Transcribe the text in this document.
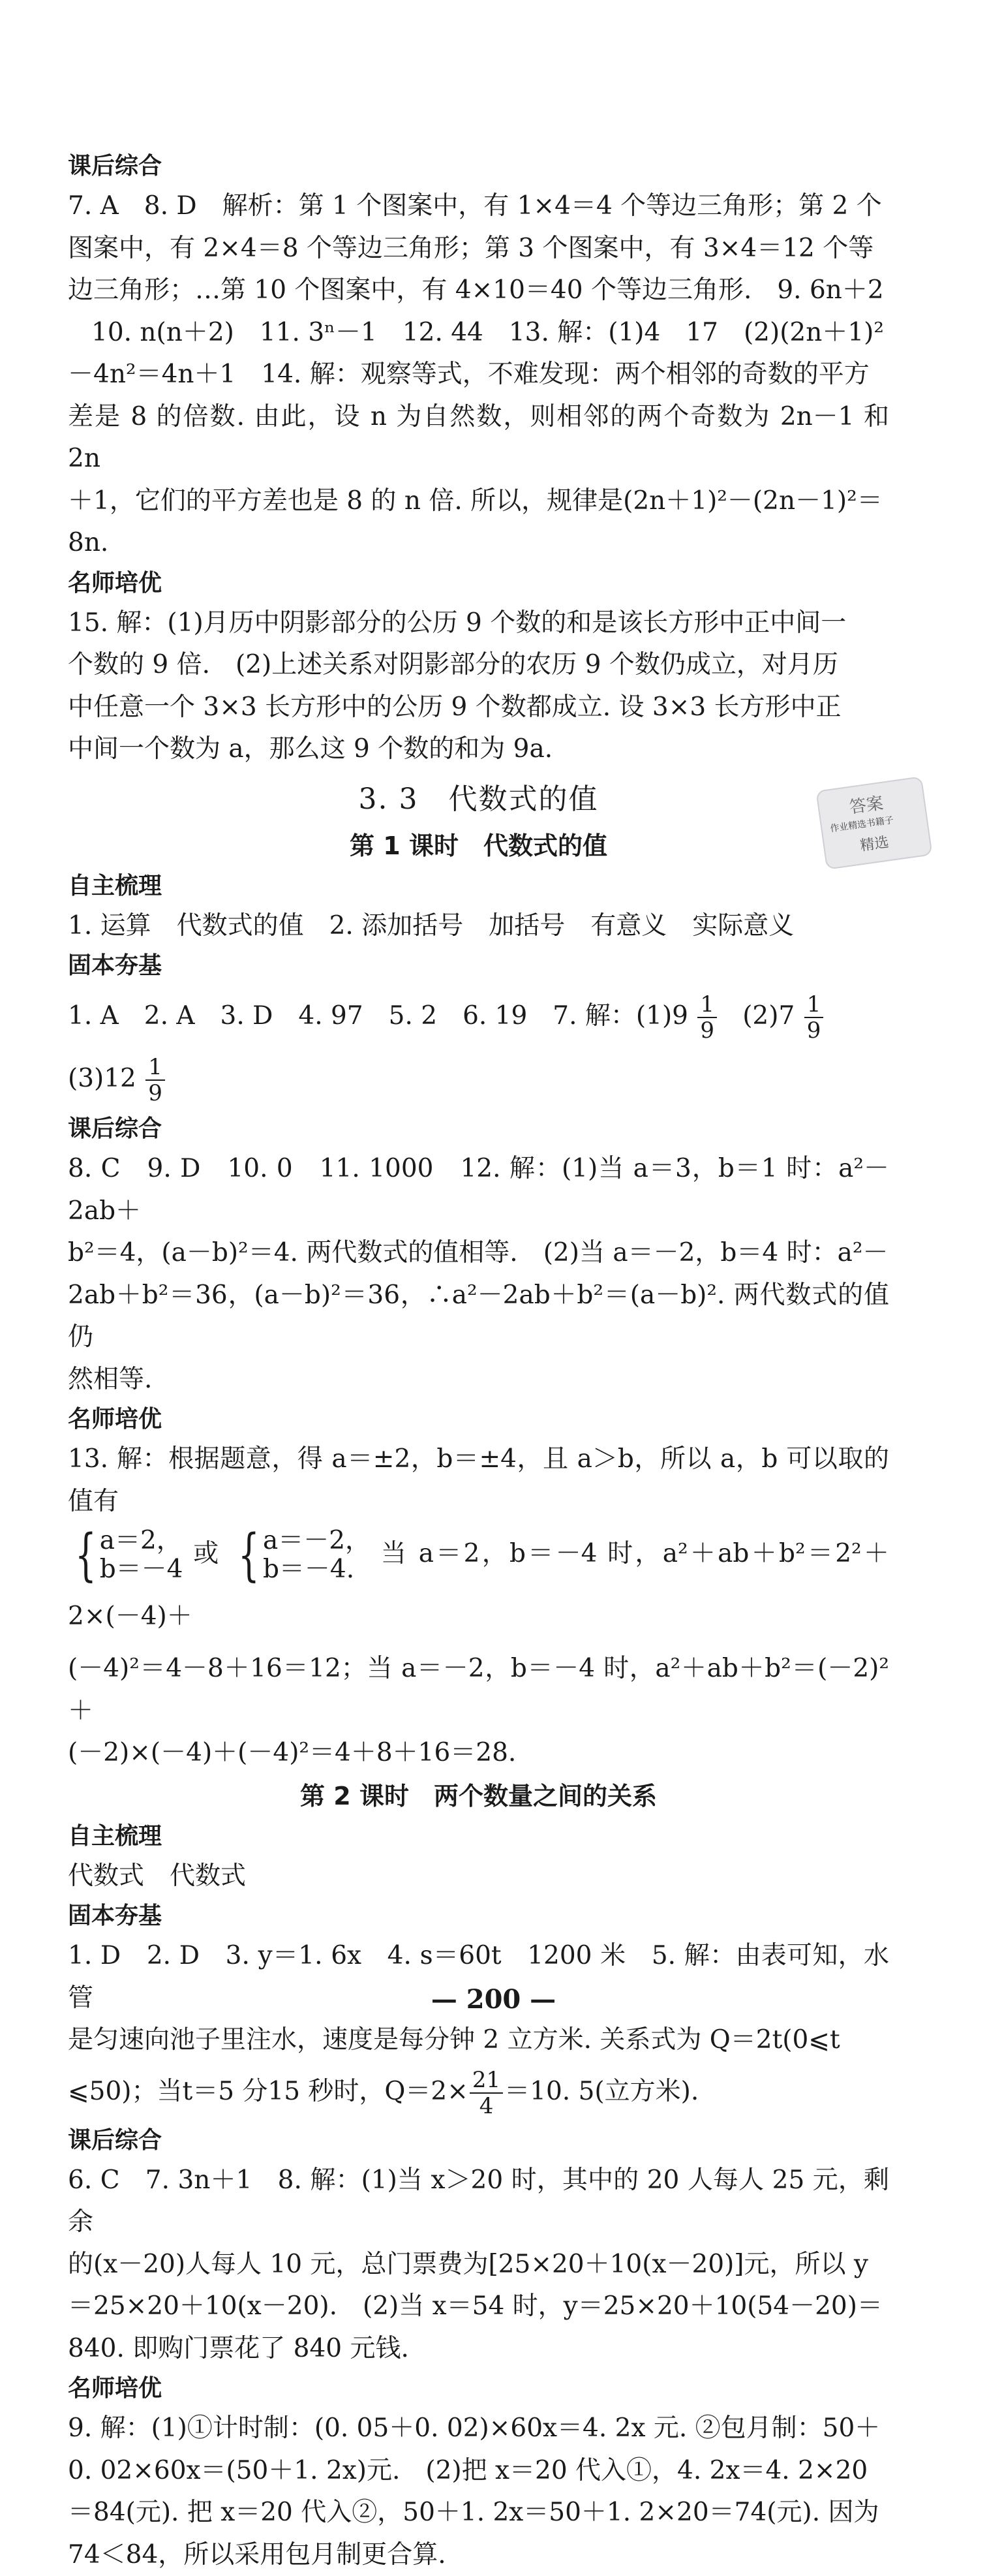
课后综合

7. A　8. D　解析：第 1 个图案中，有 1×4＝4 个等边三角形；第 2 个

图案中，有 2×4＝8 个等边三角形；第 3 个图案中，有 3×4＝12 个等

边三角形；…第 10 个图案中，有 4×10＝40 个等边三角形.　9. 6n＋2

10. n(n＋2)　11. 3ⁿ－1　12. 44　13. 解：(1)4　17　(2)(2n＋1)²

－4n²＝4n＋1　14. 解：观察等式，不难发现：两个相邻的奇数的平方

差是 8 的倍数. 由此，设 n 为自然数，则相邻的两个奇数为 2n－1 和 2n

＋1，它们的平方差也是 8 的 n 倍. 所以，规律是(2n＋1)²－(2n－1)²＝

8n.

名师培优

15. 解：(1)月历中阴影部分的公历 9 个数的和是该长方形中正中间一

个数的 9 倍.　(2)上述关系对阴影部分的农历 9 个数仍成立，对月历

中任意一个 3×3 长方形中的公历 9 个数都成立. 设 3×3 长方形中正

中间一个数为 a，那么这 9 个数的和为 9a.

3. 3　代数式的值

第 1 课时　代数式的值

自主梳理

1. 运算　代数式的值　2. 添加括号　加括号　有意义　实际意义

固本夯基

1. A　2. A　3. D　4. 97　5. 2　6. 19　7. 解：$(1)9 \frac{1}{9} (2)7 \frac{1}{9}$

$(3)12 \frac{1}{9}$

课后综合

8. C　9. D　10. 0　11. 1000　12. 解：(1)当 a＝3，b＝1 时：a²－2ab＋

b²＝4，(a－b)²＝4. 两代数式的值相等.　(2)当 a＝－2，b＝4 时：a²－

2ab＋b²＝36，(a－b)²＝36，∴a²－2ab＋b²＝(a－b)². 两代数式的值仍

然相等.

名师培优

13. 解：根据题意，得 a＝±2，b＝±4，且 a＞b，所以 a，b 可以取的值有

{ a＝2，
b＝－4
或 { a＝－2，
b＝－4.
当 a＝2，b＝－4 时，a²＋ab＋b²＝2²＋2×(－4)＋

(－4)²＝4－8＋16＝12；当 a＝－2，b＝－4 时，a²＋ab＋b²＝(－2)²＋

(－2)×(－4)＋(－4)²＝4＋8＋16＝28.

第 2 课时　两个数量之间的关系

自主梳理

代数式　代数式

固本夯基

1. D　2. D　3. y＝1. 6x　4. s＝60t　1200 米　5. 解：由表可知，水管

是匀速向池子里注水，速度是每分钟 2 立方米. 关系式为 Q＝2t(0⩽t

⩽50)；当t＝5 分15 秒时，$Q=2\times \frac{21}{4} =10$. 5(立方米).

课后综合

6. C　7. 3n＋1　8. 解：(1)当 x＞20 时，其中的 20 人每人 25 元，剩余

的(x－20)人每人 10 元，总门票费为[25×20＋10(x－20)]元，所以 y

＝25×20＋10(x－20).　(2)当 x＝54 时，y＝25×20＋10(54－20)＝

840. 即购门票花了 840 元钱.

名师培优

9. 解：(1)①计时制：(0. 05＋0. 02)×60x＝4. 2x 元. ②包月制：50＋

0. 02×60x＝(50＋1. 2x)元.　(2)把 x＝20 代入①，4. 2x＝4. 2×20

＝84(元). 把 x＝20 代入②，50＋1. 2x＝50＋1. 2×20＝74(元). 因为

74＜84，所以采用包月制更合算.

答案
作业精选书籍子
精选
— 200 —
